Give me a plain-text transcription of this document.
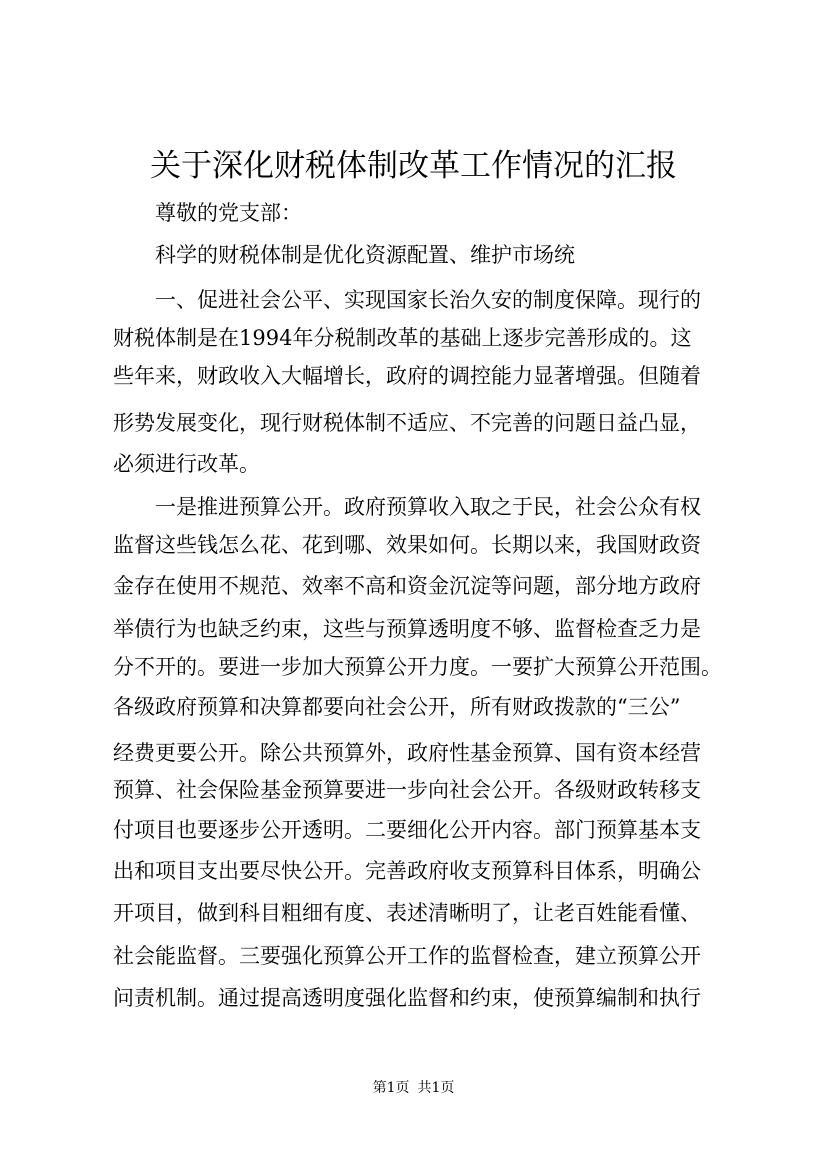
关于深化财税体制改革工作情况的汇报
尊敬的党支部：
科学的财税体制是优化资源配置、维护市场统
一、促进社会公平、实现国家长治久安的制度保障。现行的
财税体制是在1994年分税制改革的基础上逐步完善形成的。这
些年来，财政收入大幅增长，政府的调控能力显著增强。但随着
形势发展变化，现行财税体制不适应、不完善的问题日益凸显，
必须进行改革。
一是推进预算公开。政府预算收入取之于民，社会公众有权
监督这些钱怎么花、花到哪、效果如何。长期以来，我国财政资
金存在使用不规范、效率不高和资金沉淀等问题，部分地方政府
举债行为也缺乏约束，这些与预算透明度不够、监督检查乏力是
分不开的。要进一步加大预算公开力度。一要扩大预算公开范围。
各级政府预算和决算都要向社会公开，所有财政拨款的“三公”
经费更要公开。除公共预算外，政府性基金预算、国有资本经营
预算、社会保险基金预算要进一步向社会公开。各级财政转移支
付项目也要逐步公开透明。二要细化公开内容。部门预算基本支
出和项目支出要尽快公开。完善政府收支预算科目体系，明确公
开项目，做到科目粗细有度、表述清晰明了，让老百姓能看懂、
社会能监督。三要强化预算公开工作的监督检查，建立预算公开
问责机制。通过提高透明度强化监督和约束，使预算编制和执行
第1页 共1页
